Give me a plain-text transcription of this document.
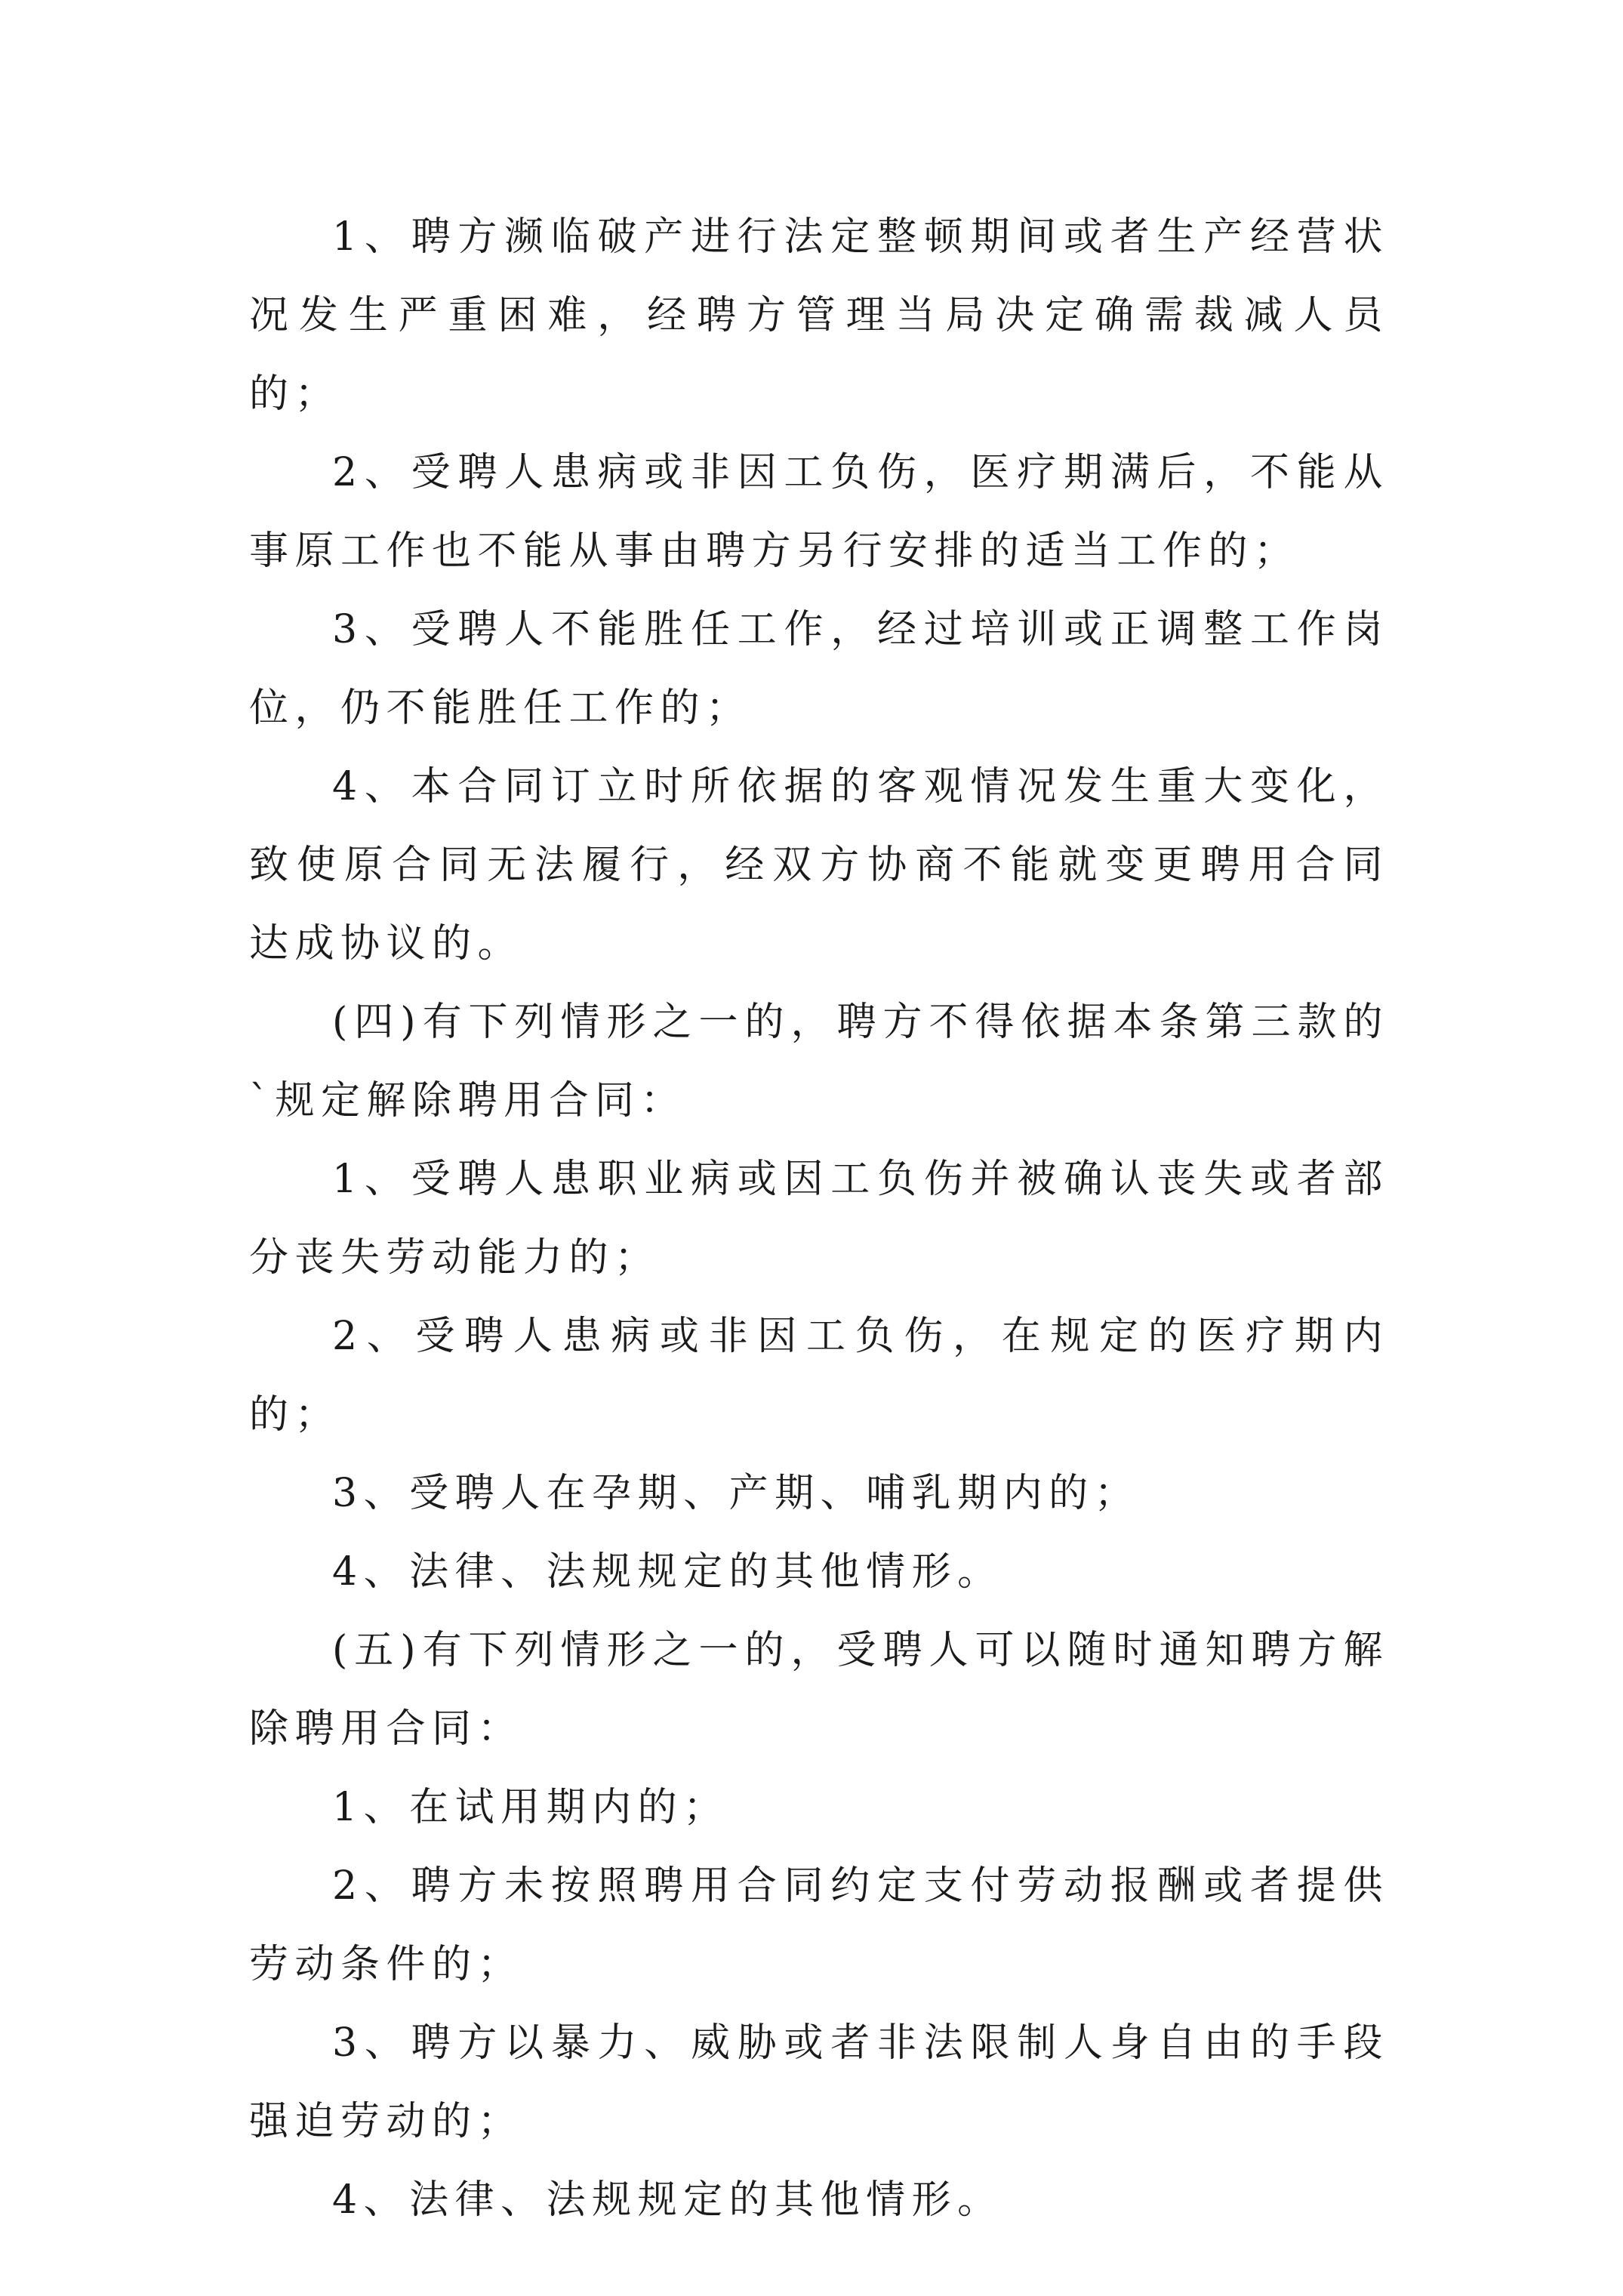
1、聘方濒临破产进行法定整顿期间或者生产经营状况发生严重困难，经聘方管理当局决定确需裁减人员的；

2、受聘人患病或非因工负伤，医疗期满后，不能从事原工作也不能从事由聘方另行安排的适当工作的；

3、受聘人不能胜任工作，经过培训或正调整工作岗位，仍不能胜任工作的；

4、本合同订立时所依据的客观情况发生重大变化，致使原合同无法履行，经双方协商不能就变更聘用合同达成协议的。

(四)有下列情形之一的，聘方不得依据本条第三款的`规定解除聘用合同：

1、受聘人患职业病或因工负伤并被确认丧失或者部分丧失劳动能力的；

2、受聘人患病或非因工负伤，在规定的医疗期内的；

3、受聘人在孕期、产期、哺乳期内的；

4、法律、法规规定的其他情形。

(五)有下列情形之一的，受聘人可以随时通知聘方解除聘用合同：

1、在试用期内的；

2、聘方未按照聘用合同约定支付劳动报酬或者提供劳动条件的；

3、聘方以暴力、威胁或者非法限制人身自由的手段强迫劳动的；

4、法律、法规规定的其他情形。
